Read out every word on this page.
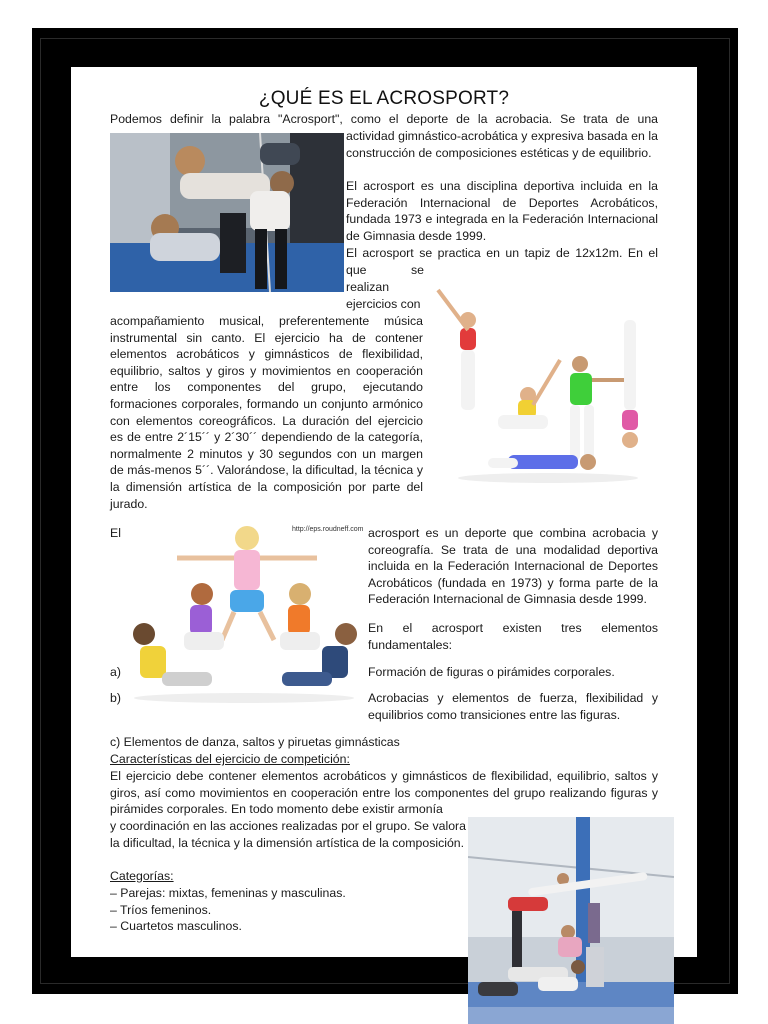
¿QUÉ ES EL ACROSPORT?

Podemos definir la palabra "Acrosport", como el deporte de la acrobacia. Se trata de una

actividad gimnástico-acrobática y expresiva basada en la construcción de composiciones estéticas y de equilibrio.

El acrosport es una disciplina deportiva incluida en la Federación Internacional de Deportes Acrobáticos, fundada 1973 e integrada en la Federación Internacional de Gimnasia desde 1999.

El acrosport se practica en un tapiz de 12x12m. En el

que	se
realizan
ejercicios con

acompañamiento musical, preferentemente música instrumental sin canto. El ejercicio ha de contener elementos acrobáticos y gimnásticos de flexibilidad, equilibrio, saltos y giros y movimientos en cooperación entre los componentes del grupo, ejecutando formaciones corporales, formando un conjunto armónico con elementos coreográficos. La duración del ejercicio es de entre 2´15´´ y 2´30´´ dependiendo de la categoría, normalmente 2 minutos y 30 segundos con un margen de más-menos 5´´. Valorándose, la dificultad, la técnica y la dimensión artística de la composición por parte del jurado.

El	http://eps.roudneff.com acrosport es un deporte que combina acrobacia y coreografía. Se trata de una modalidad deportiva incluida en la Federación Internacional de Deportes Acrobáticos (fundada en 1973) y forma parte de la Federación Internacional de Gimnasia desde 1999.

En el acrosport existen tres elementos fundamentales:

a)	Formación de figuras o pirámides corporales.

b)	Acrobacias y elementos de fuerza, flexibilidad y equilibrios como transiciones entre las figuras.

c) Elementos de danza, saltos y piruetas gimnásticas

Características del ejercicio de competición:

El ejercicio debe contener elementos acrobáticos y gimnásticos de flexibilidad, equilibrio, saltos y giros, así como movimientos en cooperación entre los componentes del grupo realizando figuras y pirámides corporales. En todo momento debe existir armonía

y coordinación en las acciones realizadas por el grupo. Se valora la dificultad, la técnica y la dimensión artística de la composición.

Categorías:

– Parejas: mixtas, femeninas y masculinas.
– Tríos femeninos.
– Cuartetos masculinos.
